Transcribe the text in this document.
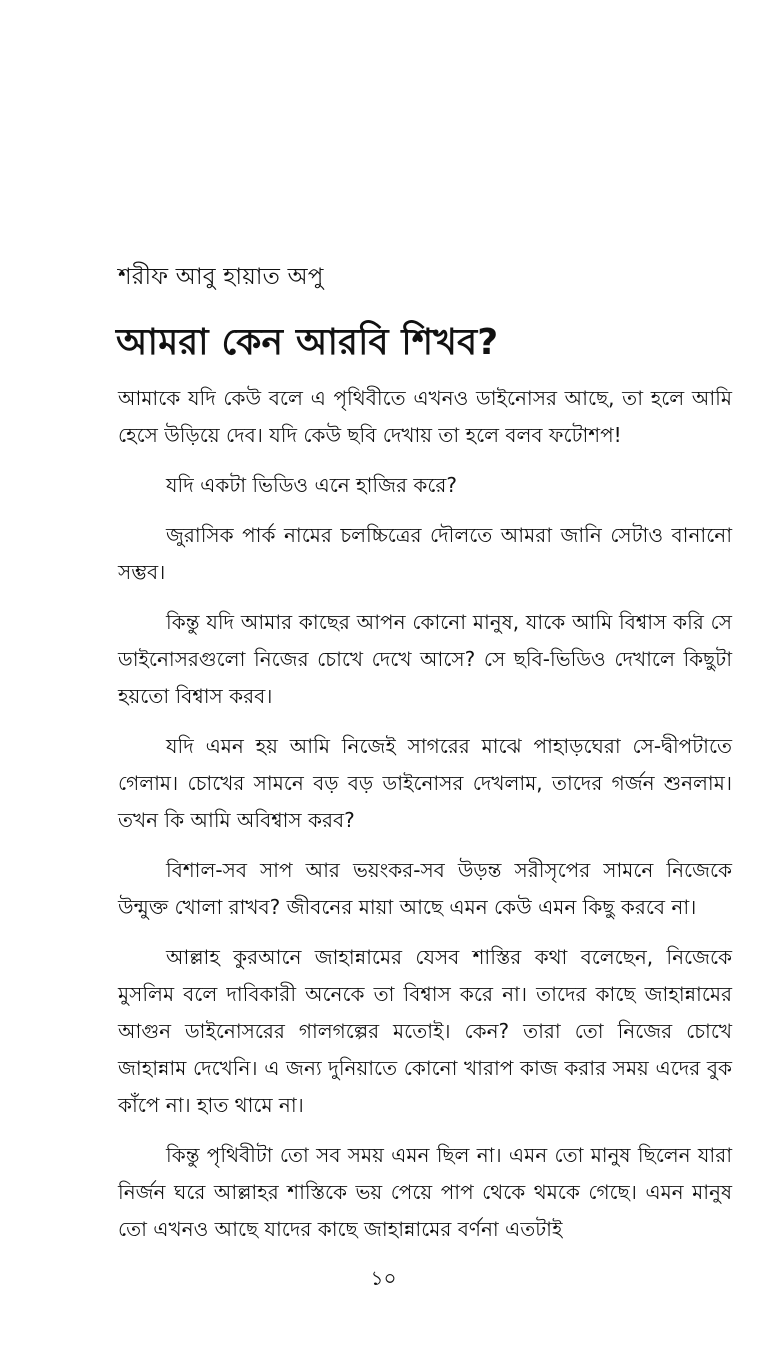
শরীফ আবু হায়াত অপু
আমরা কেন আরবি শিখব?

আমাকে যদি কেউ বলে এ পৃথিবীতে এখনও ডাইনোসর আছে, তা হলে আমি হেসে উড়িয়ে দেব। যদি কেউ ছবি দেখায় তা হলে বলব ফটোশপ!

যদি একটা ভিডিও এনে হাজির করে?

জুরাসিক পার্ক নামের চলচ্চিত্রের দৌলতে আমরা জানি সেটাও বানানো সম্ভব।

কিন্তু যদি আমার কাছের আপন কোনো মানুষ, যাকে আমি বিশ্বাস করি সে ডাইনোসরগুলো নিজের চোখে দেখে আসে? সে ছবি-ভিডিও দেখালে কিছুটা হয়তো বিশ্বাস করব।

যদি এমন হয় আমি নিজেই সাগরের মাঝে পাহাড়ঘেরা সে-দ্বীপটাতে গেলাম। চোখের সামনে বড় বড় ডাইনোসর দেখলাম, তাদের গর্জন শুনলাম। তখন কি আমি অবিশ্বাস করব?

বিশাল-সব সাপ আর ভয়ংকর-সব উড়ন্ত সরীসৃপের সামনে নিজেকে উন্মুক্ত খোলা রাখব? জীবনের মায়া আছে এমন কেউ এমন কিছু করবে না।

আল্লাহ কুরআনে জাহান্নামের যেসব শাস্তির কথা বলেছেন, নিজেকে মুসলিম বলে দাবিকারী অনেকে তা বিশ্বাস করে না। তাদের কাছে জাহান্নামের আগুন ডাইনোসরের গালগল্পের মতোই। কেন? তারা তো নিজের চোখে জাহান্নাম দেখেনি। এ জন্য দুনিয়াতে কোনো খারাপ কাজ করার সময় এদের বুক কাঁপে না। হাত থামে না।

কিন্তু পৃথিবীটা তো সব সময় এমন ছিল না। এমন তো মানুষ ছিলেন যারা নির্জন ঘরে আল্লাহর শাস্তিকে ভয় পেয়ে পাপ থেকে থমকে গেছে। এমন মানুষ তো এখনও আছে যাদের কাছে জাহান্নামের বর্ণনা এতটাই

১০
